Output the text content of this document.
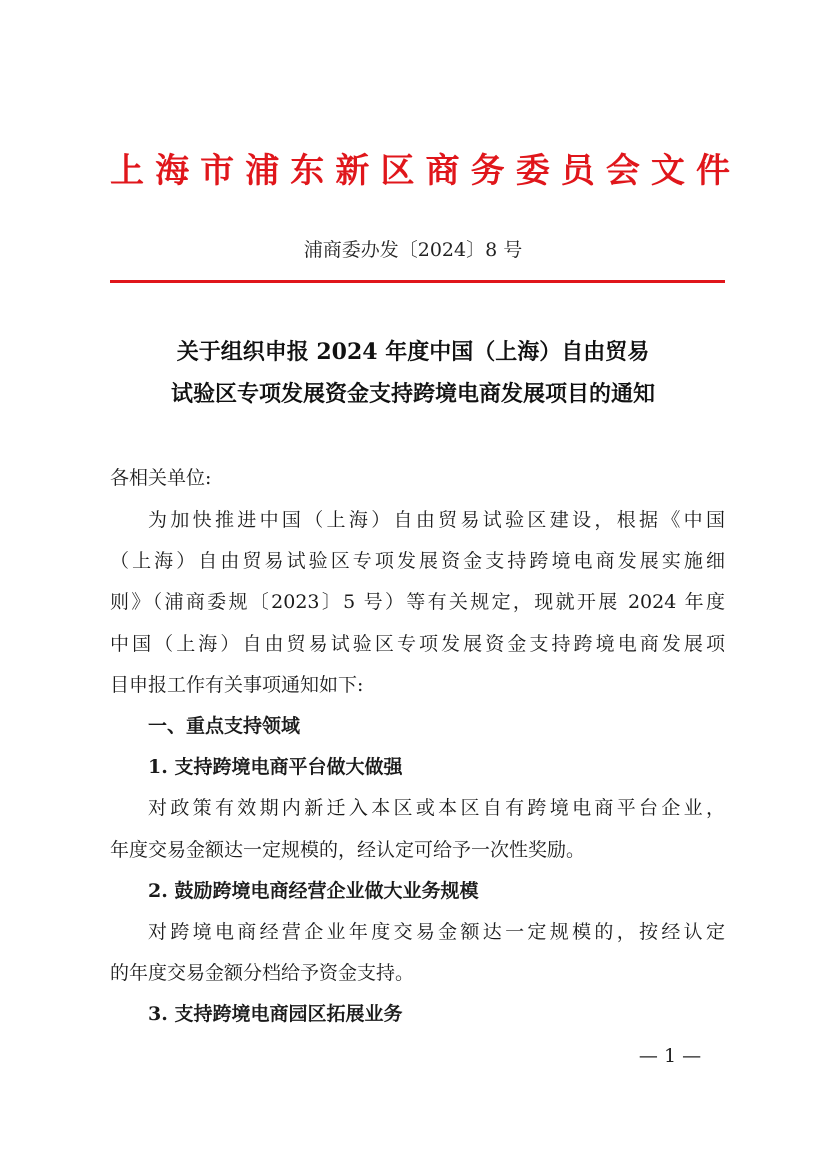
上海市浦东新区商务委员会文件
浦商委办发〔2024〕8 号
关于组织申报 2024 年度中国（上海）自由贸易
试验区专项发展资金支持跨境电商发展项目的通知
各相关单位:
为加快推进中国（上海）自由贸易试验区建设，根据《中国
（上海）自由贸易试验区专项发展资金支持跨境电商发展实施细
则》（浦商委规〔2023〕5 号）等有关规定，现就开展 2024 年度
中国（上海）自由贸易试验区专项发展资金支持跨境电商发展项
目申报工作有关事项通知如下:
一、重点支持领域
1. 支持跨境电商平台做大做强
对政策有效期内新迁入本区或本区自有跨境电商平台企业，
年度交易金额达一定规模的，经认定可给予一次性奖励。
2. 鼓励跨境电商经营企业做大业务规模
对跨境电商经营企业年度交易金额达一定规模的，按经认定
的年度交易金额分档给予资金支持。
3. 支持跨境电商园区拓展业务
— 1 —
